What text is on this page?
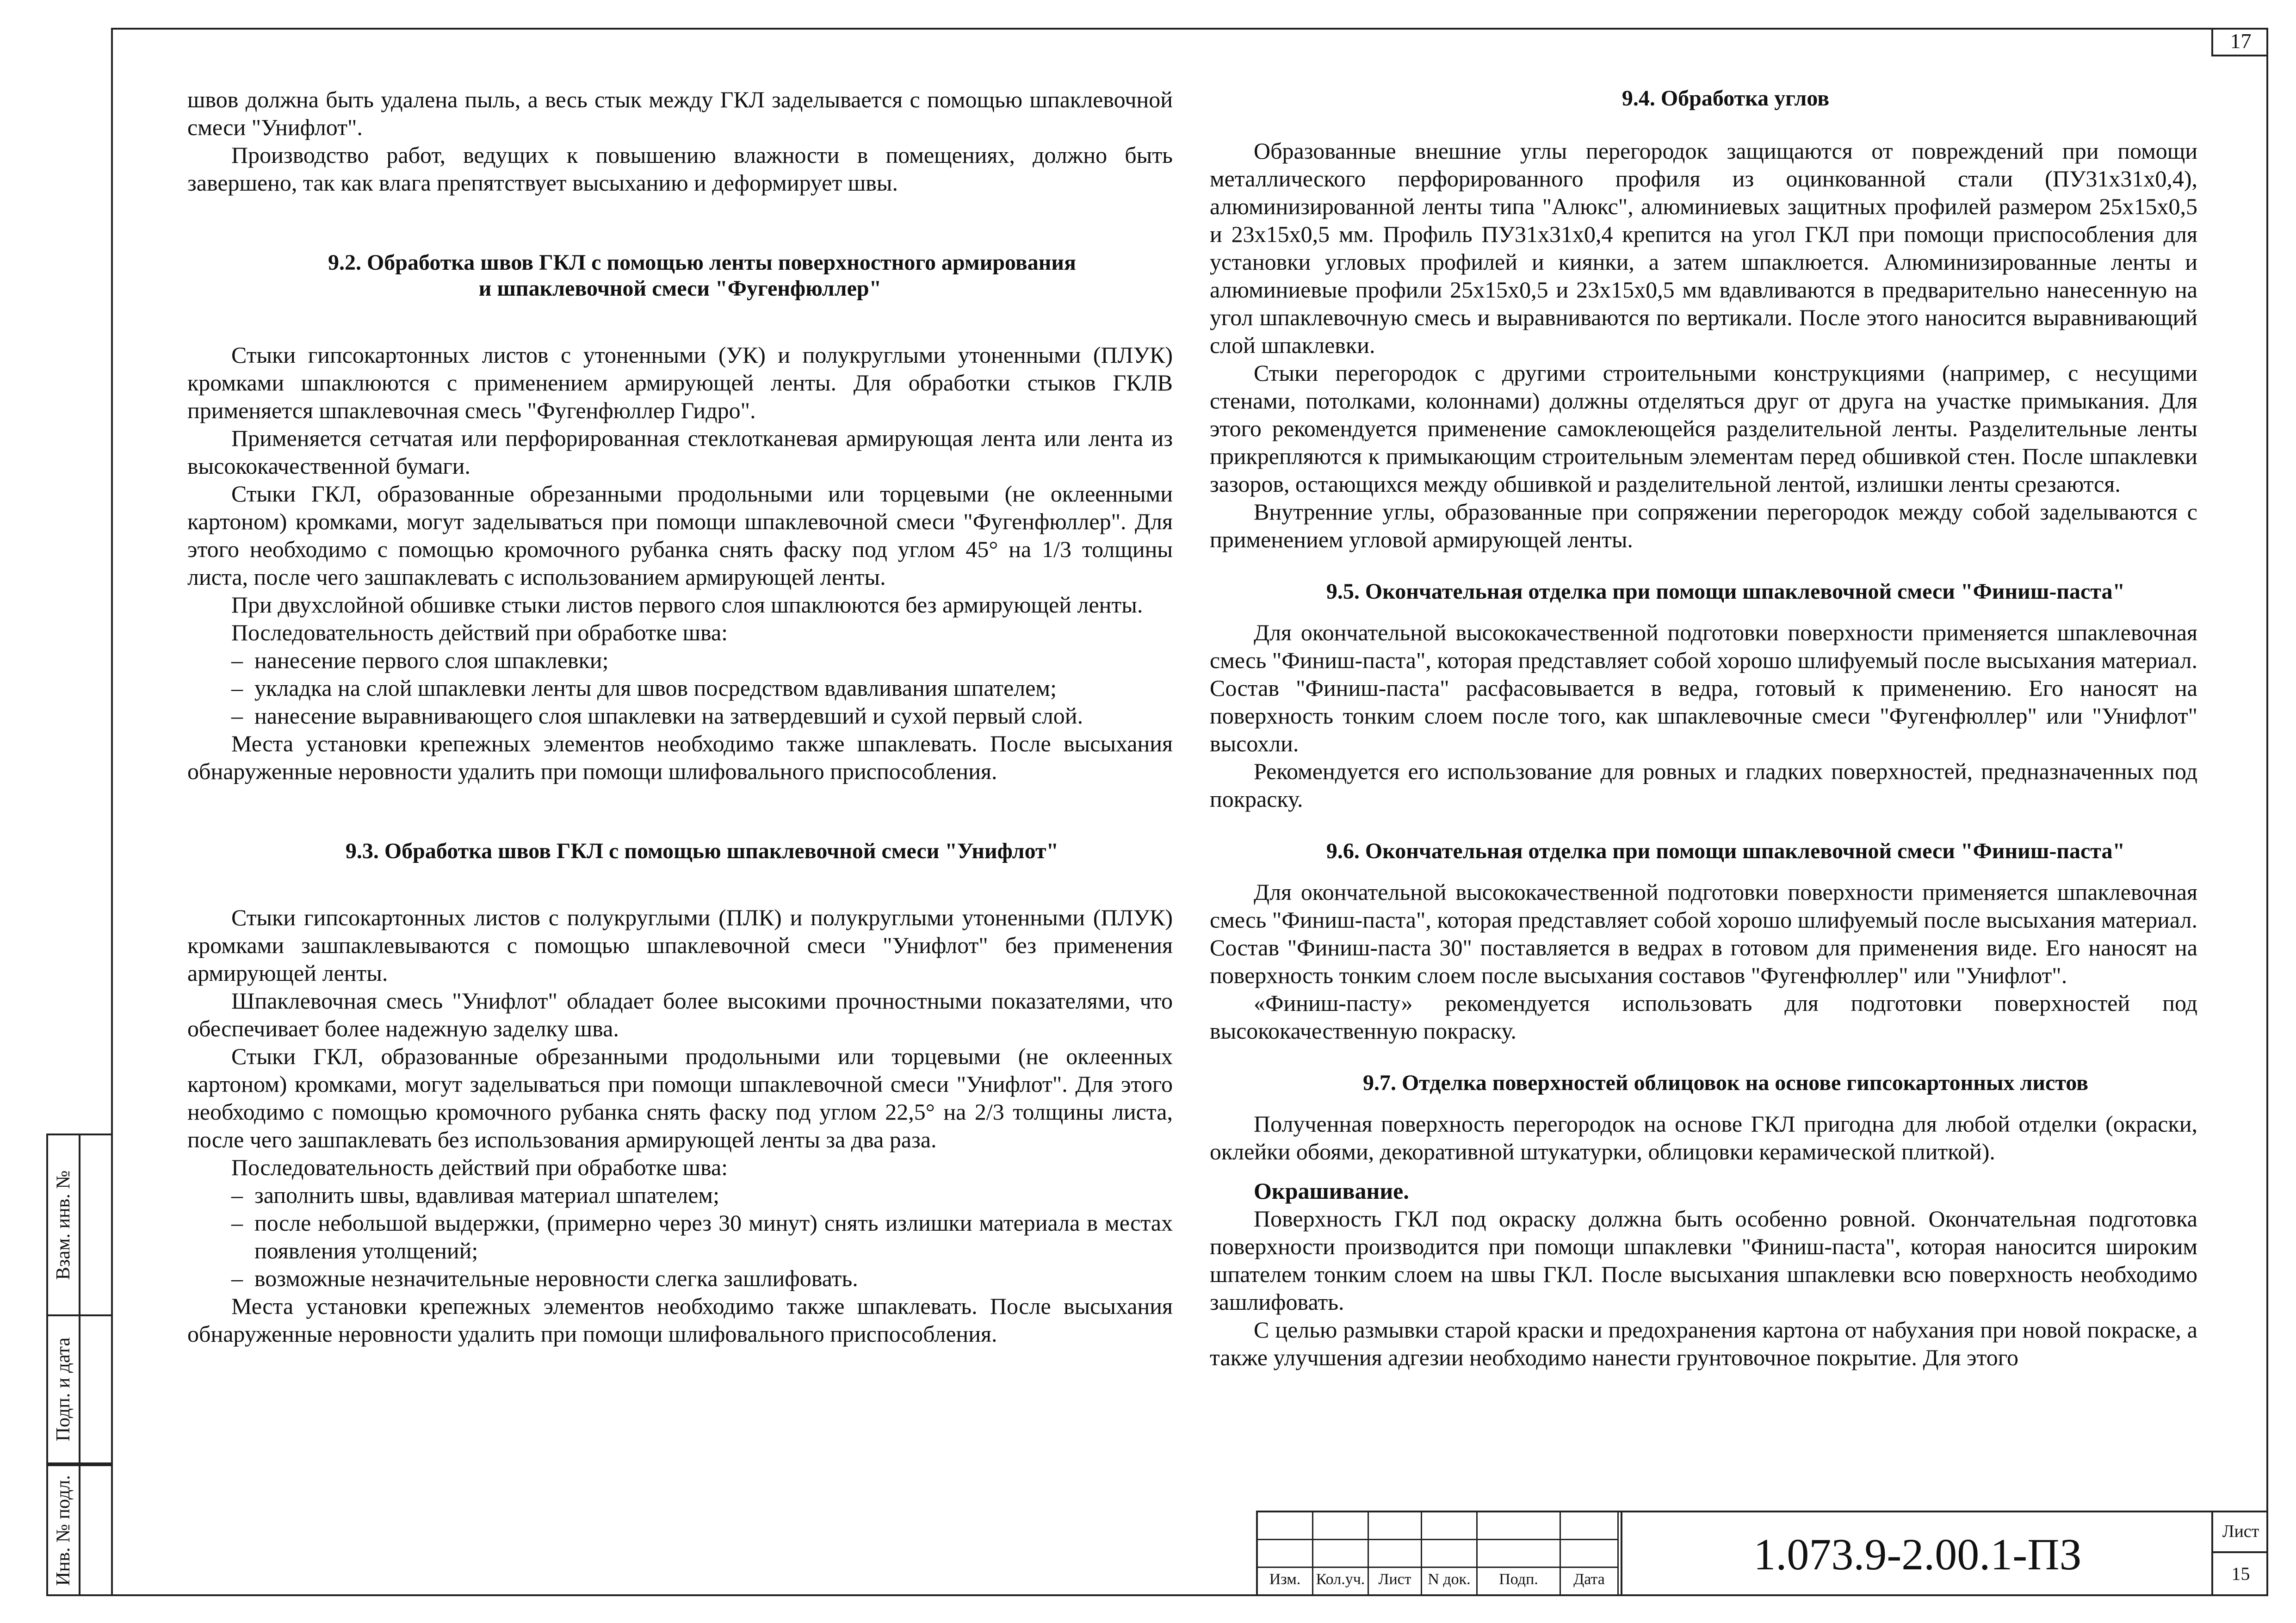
17

швов должна быть удалена пыль, а весь стык между ГКЛ заделывается с помощью шпаклевочной смеси "Унифлот".

Производство работ, ведущих к повышению влажности в помещениях, должно быть завершено, так как влага препятствует высыханию и деформирует швы.

9.2. Обработка швов ГКЛ с помощью ленты поверхностного армирования
и шпаклевочной смеси "Фугенфюллер"

Стыки гипсокартонных листов с утоненными (УК) и полукруглыми утоненными (ПЛУК) кромками шпаклюются с применением армирующей ленты. Для обработки стыков ГКЛВ применяется шпаклевочная смесь "Фугенфюллер Гидро".

Применяется сетчатая или перфорированная стеклотканевая армирующая лента или лента из высококачественной бумаги.

Стыки ГКЛ, образованные обрезанными продольными или торцевыми (не оклеенными картоном) кромками, могут заделываться при помощи шпаклевочной смеси "Фугенфюллер". Для этого необходимо с помощью кромочного рубанка снять фаску под углом 45° на 1/3 толщины листа, после чего зашпаклевать с использованием армирующей ленты.

При двухслойной обшивке стыки листов первого слоя шпаклюются без армирующей ленты.

Последовательность действий при обработке шва:

– нанесение первого слоя шпаклевки;

– укладка на слой шпаклевки ленты для швов посредством вдавливания шпателем;

– нанесение выравнивающего слоя шпаклевки на затвердевший и сухой первый слой.

Места установки крепежных элементов необходимо также шпаклевать. После высыхания обнаруженные неровности удалить при помощи шлифовального приспособления.

9.3. Обработка швов ГКЛ с помощью шпаклевочной смеси "Унифлот"

Стыки гипсокартонных листов с полукруглыми (ПЛК) и полукруглыми утоненными (ПЛУК) кромками зашпаклевываются с помощью шпаклевочной смеси "Унифлот" без применения армирующей ленты.

Шпаклевочная смесь "Унифлот" обладает более высокими прочностными показателями, что обеспечивает более надежную заделку шва.

Стыки ГКЛ, образованные обрезанными продольными или торцевыми (не оклеенных картоном) кромками, могут заделываться при помощи шпаклевочной смеси "Унифлот". Для этого необходимо с помощью кромочного рубанка снять фаску под углом 22,5° на 2/3 толщины листа, после чего зашпаклевать без использования армирующей ленты за два раза.

Последовательность действий при обработке шва:

– заполнить швы, вдавливая материал шпателем;

– после небольшой выдержки, (примерно через 30 минут) снять излишки материала в местах появления утолщений;

– возможные незначительные неровности слегка зашлифовать.

Места установки крепежных элементов необходимо также шпаклевать. После высыхания обнаруженные неровности удалить при помощи шлифовального приспособления.

9.4. Обработка углов

Образованные внешние углы перегородок защищаются от повреждений при помощи металлического перфорированного профиля из оцинкованной стали (ПУ31х31х0,4), алюминизированной ленты типа "Алюкс", алюминиевых защитных профилей размером 25х15х0,5 и 23х15х0,5 мм. Профиль ПУ31х31х0,4 крепится на угол ГКЛ при помощи приспособления для установки угловых профилей и киянки, а затем шпаклюется. Алюминизированные ленты и алюминиевые профили 25х15х0,5 и 23х15х0,5 мм вдавливаются в предварительно нанесенную на угол шпаклевочную смесь и выравниваются по вертикали. После этого наносится выравнивающий слой шпаклевки.

Стыки перегородок с другими строительными конструкциями (например, с несущими стенами, потолками, колоннами) должны отделяться друг от друга на участке примыкания. Для этого рекомендуется применение самоклеющейся разделительной ленты. Разделительные ленты прикрепляются к примыкающим строительным элементам перед обшивкой стен. После шпаклевки зазоров, остающихся между обшивкой и разделительной лентой, излишки ленты срезаются.

Внутренние углы, образованные при сопряжении перегородок между собой заделываются с применением угловой армирующей ленты.

9.5. Окончательная отделка при помощи шпаклевочной смеси "Финиш-паста"

Для окончательной высококачественной подготовки поверхности применяется шпаклевочная смесь "Финиш-паста", которая представляет собой хорошо шлифуемый после высыхания материал. Состав "Финиш-паста" расфасовывается в ведра, готовый к применению. Его наносят на поверхность тонким слоем после того, как шпаклевочные смеси "Фугенфюллер" или "Унифлот" высохли.

Рекомендуется его использование для ровных и гладких поверхностей, предназначенных под покраску.

9.6. Окончательная отделка при помощи шпаклевочной смеси "Финиш-паста"

Для окончательной высококачественной подготовки поверхности применяется шпаклевочная смесь "Финиш-паста", которая представляет собой хорошо шлифуемый после высыхания материал. Состав "Финиш-паста 30" поставляется в ведрах в готовом для применения виде. Его наносят на поверхность тонким слоем после высыхания составов "Фугенфюллер" или "Унифлот".

«Финиш-пасту» рекомендуется использовать для подготовки поверхностей под высококачественную покраску.

9.7. Отделка поверхностей облицовок на основе гипсокартонных листов

Полученная поверхность перегородок на основе ГКЛ пригодна для любой отделки (окраски, оклейки обоями, декоративной штукатурки, облицовки керамической плиткой).

Окрашивание.

Поверхность ГКЛ под окраску должна быть особенно ровной. Окончательная подготовка поверхности производится при помощи шпаклевки "Финиш-паста", которая наносится широким шпателем тонким слоем на швы ГКЛ. После высыхания шпаклевки всю поверхность необходимо зашлифовать.

С целью размывки старой краски и предохранения картона от набухания при новой покраске, а также улучшения адгезии необходимо нанести грунтовочное покрытие. Для этого

Взам. инв. №
Подп. и дата
Инв. № подл.	Изм. Кол.уч. Лист	N док.	Подп.	Дата
1.073.9-2.00.1-ПЗ	Лист
15
